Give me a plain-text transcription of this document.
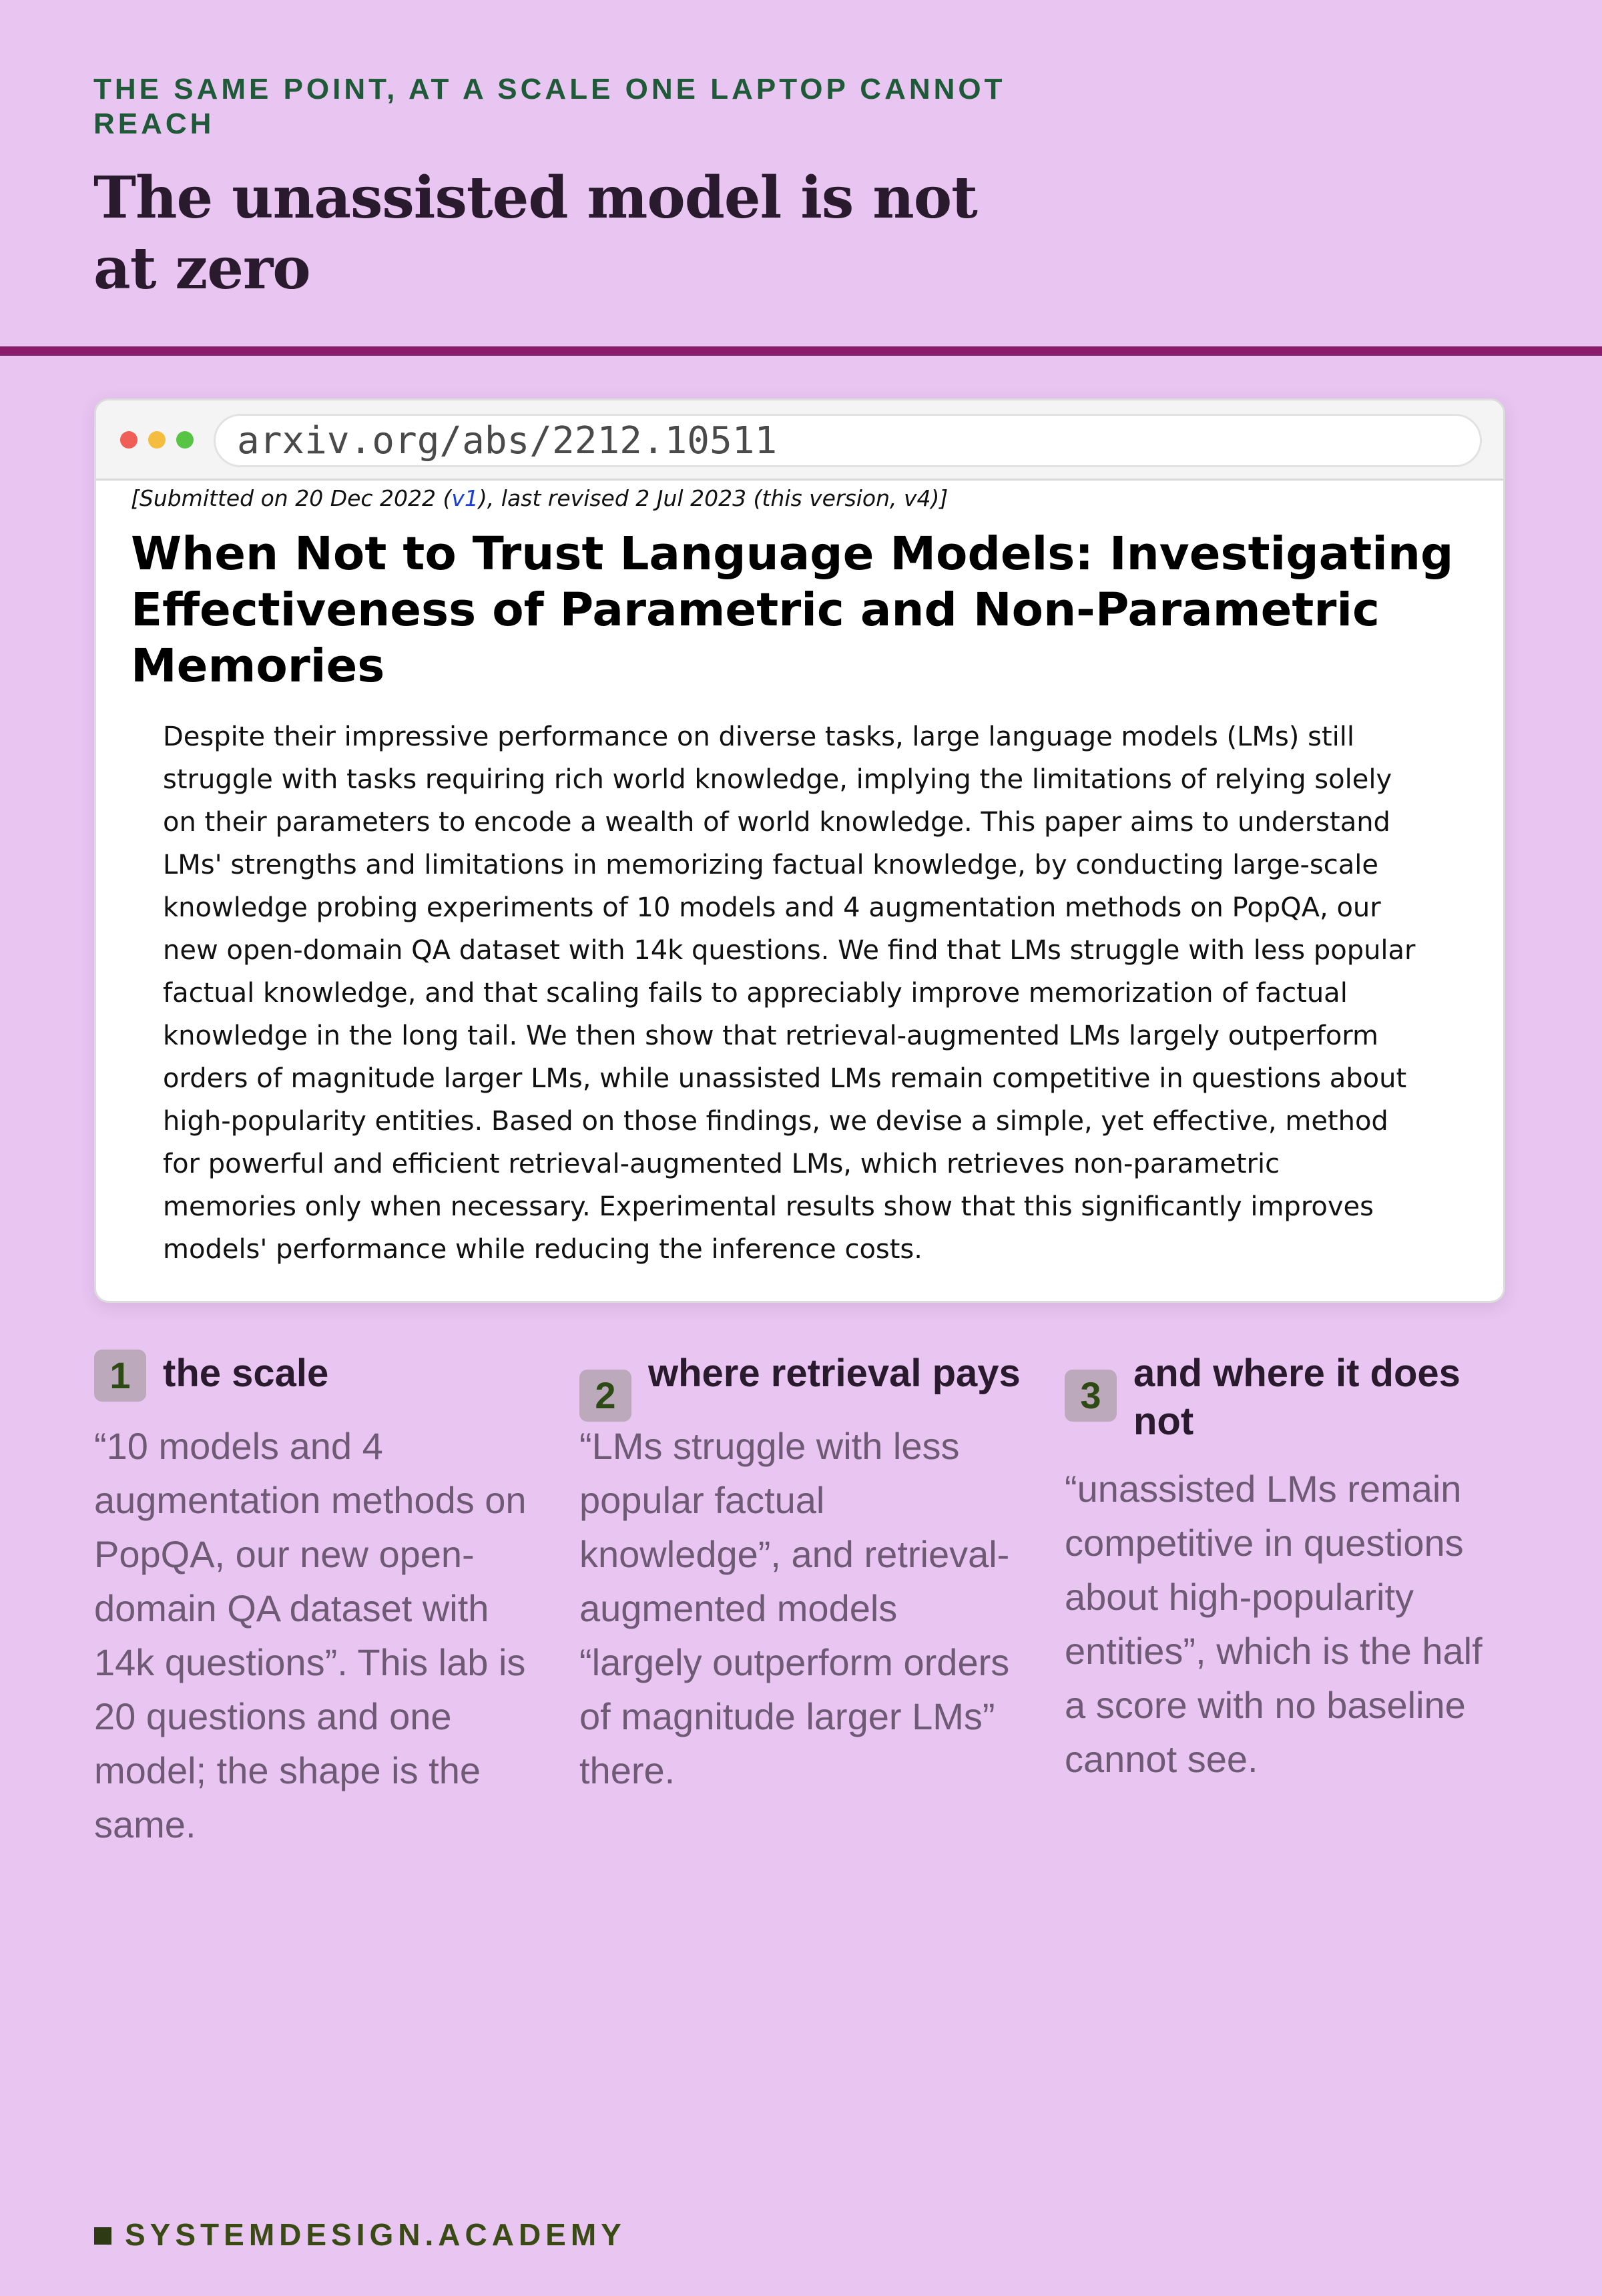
THE SAME POINT, AT A SCALE ONE LAPTOP CANNOT REACH

The unassisted model is not at zero
arxiv.org/abs/2212.10511

[Submitted on 20 Dec 2022 (v1), last revised 2 Jul 2023 (this version, v4)]

When Not to Trust Language Models: Investigating Effectiveness of Parametric and Non-Parametric Memories

Despite their impressive performance on diverse tasks, large language models (LMs) still struggle with tasks requiring rich world knowledge, implying the limitations of relying solely on their parameters to encode a wealth of world knowledge. This paper aims to understand LMs' strengths and limitations in memorizing factual knowledge, by conducting large-scale knowledge probing experiments of 10 models and 4 augmentation methods on PopQA, our new open-domain QA dataset with 14k questions. We find that LMs struggle with less popular factual knowledge, and that scaling fails to appreciably improve memorization of factual knowledge in the long tail. We then show that retrieval-augmented LMs largely outperform orders of magnitude larger LMs, while unassisted LMs remain competitive in questions about high-popularity entities. Based on those findings, we devise a simple, yet effective, method for powerful and efficient retrieval-augmented LMs, which retrieves non-parametric memories only when necessary. Experimental results show that this significantly improves models' performance while reducing the inference costs.

1 the scale

“10 models and 4 augmentation methods on PopQA, our new open-domain QA dataset with 14k questions”. This lab is 20 questions and one model; the shape is the same.

2
where retrieval pays

“LMs struggle with less popular factual knowledge”, and retrieval-augmented models “largely outperform orders of magnitude larger LMs” there.

3
and where it does not

“unassisted LMs remain competitive in questions about high-popularity entities”, which is the half a score with no baseline cannot see.

SYSTEMDESIGN.ACADEMY
